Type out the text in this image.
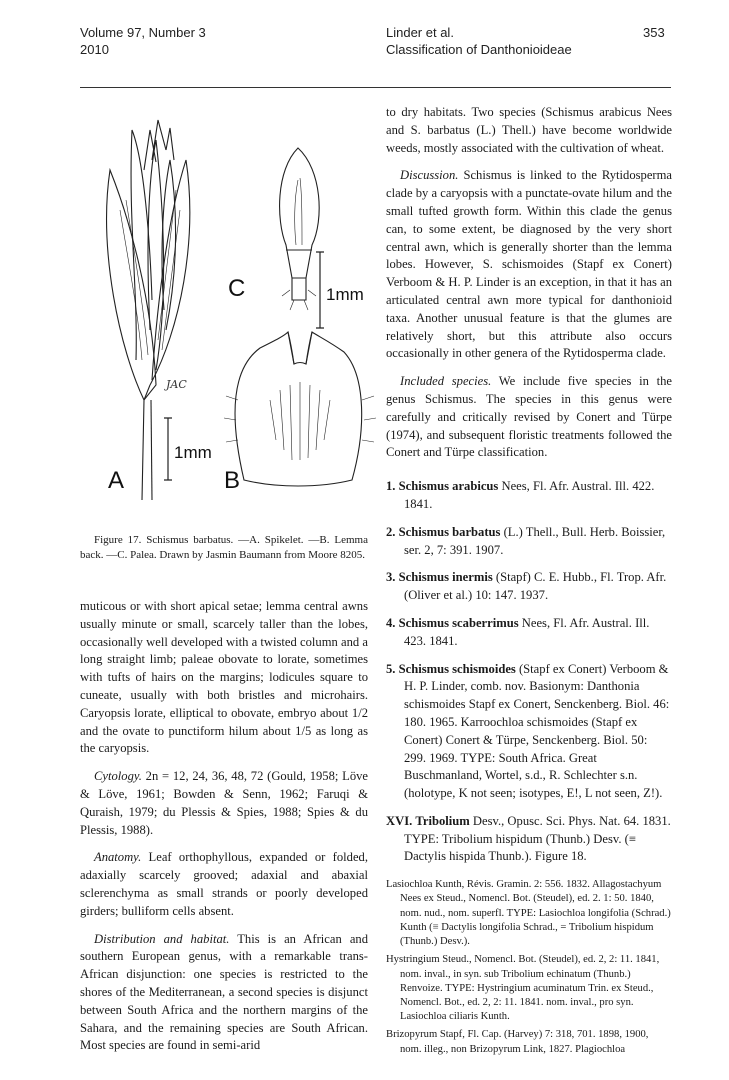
Volume 97, Number 3
2010
Linder et al.
Classification of Danthonioideae
353
1mm
1mm
A	B
C
JAC
Figure 17. Schismus barbatus. —A. Spikelet. —B. Lemma back. —C. Palea. Drawn by Jasmin Baumann from Moore 8205.

muticous or with short apical setae; lemma central awns usually minute or small, scarcely taller than the lobes, occasionally well developed with a twisted column and a long straight limb; paleae obovate to lorate, sometimes with tufts of hairs on the margins; lodicules square to cuneate, usually with both bristles and microhairs. Caryopsis lorate, elliptical to obovate, embryo about 1/2 and the ovate to punctiform hilum about 1/5 as long as the caryopsis.

Cytology. 2n = 12, 24, 36, 48, 72 (Gould, 1958; Löve & Löve, 1961; Bowden & Senn, 1962; Faruqi & Quraish, 1979; du Plessis & Spies, 1988; Spies & du Plessis, 1988).

Anatomy. Leaf orthophyllous, expanded or folded, adaxially scarcely grooved; adaxial and abaxial sclerenchyma as small strands or poorly developed girders; bulliform cells absent.

Distribution and habitat. This is an African and southern European genus, with a remarkable trans-African disjunction: one species is restricted to the shores of the Mediterranean, a second species is disjunct between South Africa and the northern margins of the Sahara, and the remaining species are South African. Most species are found in semi-arid

to dry habitats. Two species (Schismus arabicus Nees and S. barbatus (L.) Thell.) have become worldwide weeds, mostly associated with the cultivation of wheat.

Discussion. Schismus is linked to the Rytidosperma clade by a caryopsis with a punctate-ovate hilum and the small tufted growth form. Within this clade the genus can, to some extent, be diagnosed by the very short central awn, which is generally shorter than the lemma lobes. However, S. schismoides (Stapf ex Conert) Verboom & H. P. Linder is an exception, in that it has an articulated central awn more typical for danthonioid taxa. Another unusual feature is that the glumes are relatively short, but this attribute also occurs occasionally in other genera of the Rytidosperma clade.

Included species. We include five species in the genus Schismus. The species in this genus were carefully and critically revised by Conert and Türpe (1974), and subsequent floristic treatments followed the Conert and Türpe classification.

1. Schismus arabicus Nees, Fl. Afr. Austral. Ill. 422. 1841.
2. Schismus barbatus (L.) Thell., Bull. Herb. Boissier, ser. 2, 7: 391. 1907.
3. Schismus inermis (Stapf) C. E. Hubb., Fl. Trop. Afr. (Oliver et al.) 10: 147. 1937.
4. Schismus scaberrimus Nees, Fl. Afr. Austral. Ill. 423. 1841.
5. Schismus schismoides (Stapf ex Conert) Verboom & H. P. Linder, comb. nov. Basionym: Danthonia schismoides Stapf ex Conert, Senckenberg. Biol. 46: 180. 1965. Karroochloa schismoides (Stapf ex Conert) Conert & Türpe, Senckenberg. Biol. 50: 299. 1969. TYPE: South Africa. Great Buschmanland, Wortel, s.d., R. Schlechter s.n. (holotype, K not seen; isotypes, E!, L not seen, Z!).
XVI. Tribolium Desv., Opusc. Sci. Phys. Nat. 64. 1831. TYPE: Tribolium hispidum (Thunb.) Desv. (≡ Dactylis hispida Thunb.). Figure 18.
Lasiochloa Kunth, Révis. Gramin. 2: 556. 1832. Allagostachyum Nees ex Steud., Nomencl. Bot. (Steudel), ed. 2. 1: 50. 1840, nom. nud., nom. superfl. TYPE: Lasiochloa longifolia (Schrad.) Kunth (≡ Dactylis longifolia Schrad., = Tribolium hispidum (Thunb.) Desv.).
Hystringium Steud., Nomencl. Bot. (Steudel), ed. 2, 2: 11. 1841, nom. inval., in syn. sub Tribolium echinatum (Thunb.) Renvoize. TYPE: Hystringium acuminatum Trin. ex Steud., Nomencl. Bot., ed. 2, 2: 11. 1841. nom. inval., pro syn. Lasiochloa ciliaris Kunth.
Brizopyrum Stapf, Fl. Cap. (Harvey) 7: 318, 701. 1898, 1900, nom. illeg., non Brizopyrum Link, 1827. Plagiochloa
